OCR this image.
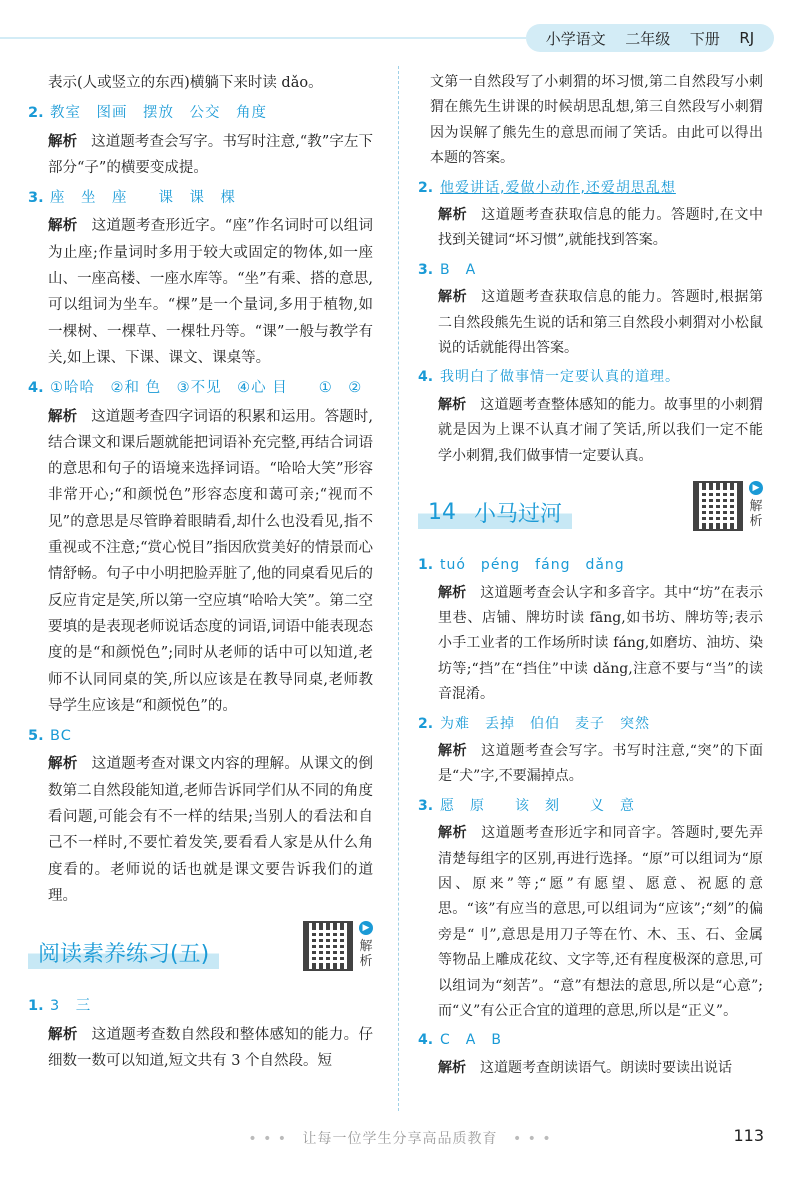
小学语文 二年级 下册 RJ

表示(人或竖立的东西)横躺下来时读 dǎo。

2. 教室　图画　摆放　公交　角度

解析 这道题考查会写字。书写时注意,“教”字左下部分“子”的横要变成提。

3. 座　坐　座　　课　课　棵

解析 这道题考查形近字。“座”作名词时可以组词为止座;作量词时多用于较大或固定的物体,如一座山、一座高楼、一座水库等。“坐”有乘、搭的意思,可以组词为坐车。“棵”是一个量词,多用于植物,如一棵树、一棵草、一棵牡丹等。“课”一般与教学有关,如上课、下课、课文、课桌等。

4. ①哈哈　②和 色　③不见　④心 目　　①　②

解析 这道题考查四字词语的积累和运用。答题时,结合课文和课后题就能把词语补充完整,再结合词语的意思和句子的语境来选择词语。“哈哈大笑”形容非常开心;“和颜悦色”形容态度和蔼可亲;“视而不见”的意思是尽管睁着眼睛看,却什么也没看见,指不重视或不注意;“赏心悦目”指因欣赏美好的情景而心情舒畅。句子中小明把脸弄脏了,他的同桌看见后的反应肯定是笑,所以第一空应填“哈哈大笑”。第二空要填的是表现老师说话态度的词语,词语中能表现态度的是“和颜悦色”;同时从老师的话中可以知道,老师不认同同桌的笑,所以应该是在教导同桌,老师教导学生应该是“和颜悦色”的。

5. BC

解析 这道题考查对课文内容的理解。从课文的倒数第二自然段能知道,老师告诉同学们从不同的角度看问题,可能会有不一样的结果;当别人的看法和自己不一样时,不要忙着发笑,要看看人家是从什么角度看的。老师说的话也就是课文要告诉我们的道理。

阅读素养练习(五)
▶
解析
1. 3　三

解析 这道题考查数自然段和整体感知的能力。仔细数一数可以知道,短文共有 3 个自然段。短

文第一自然段写了小刺猬的坏习惯,第二自然段写小刺猬在熊先生讲课的时候胡思乱想,第三自然段写小刺猬因为误解了熊先生的意思而闹了笑话。由此可以得出本题的答案。

2. 他爱讲话,爱做小动作,还爱胡思乱想

解析 这道题考查获取信息的能力。答题时,在文中找到关键词“坏习惯”,就能找到答案。

3. B　A

解析 这道题考查获取信息的能力。答题时,根据第二自然段熊先生说的话和第三自然段小刺猬对小松鼠说的话就能得出答案。

4. 我明白了做事情一定要认真的道理。

解析 这道题考查整体感知的能力。故事里的小刺猬就是因为上课不认真才闹了笑话,所以我们一定不能学小刺猬,我们做事情一定要认真。

14 小马过河
▶
解析
1. tuó　péng　fáng　dǎng

解析 这道题考查会认字和多音字。其中“坊”在表示里巷、店铺、牌坊时读 fāng,如书坊、牌坊等;表示小手工业者的工作场所时读 fáng,如磨坊、油坊、染坊等;“挡”在“挡住”中读 dǎng,注意不要与“当”的读音混淆。

2. 为难　丢掉　伯伯　麦子　突然

解析 这道题考查会写字。书写时注意,“突”的下面是“犬”字,不要漏掉点。

3. 愿　原　　该　刻　　义　意

解析 这道题考查形近字和同音字。答题时,要先弄清楚每组字的区别,再进行选择。“原”可以组词为“原因、原来”等;“愿”有愿望、愿意、祝愿的意思。“该”有应当的意思,可以组词为“应该”;“刻”的偏旁是“刂”,意思是用刀子等在竹、木、玉、石、金属等物品上雕成花纹、文字等,还有程度极深的意思,可以组词为“刻苦”。“意”有想法的意思,所以是“心意”;而“义”有公正合宜的道理的意思,所以是“正义”。

4. C　A　B

解析 这道题考查朗读语气。朗读时要读出说话

• • • 让每一位学生分享高品质教育 • • •	113
